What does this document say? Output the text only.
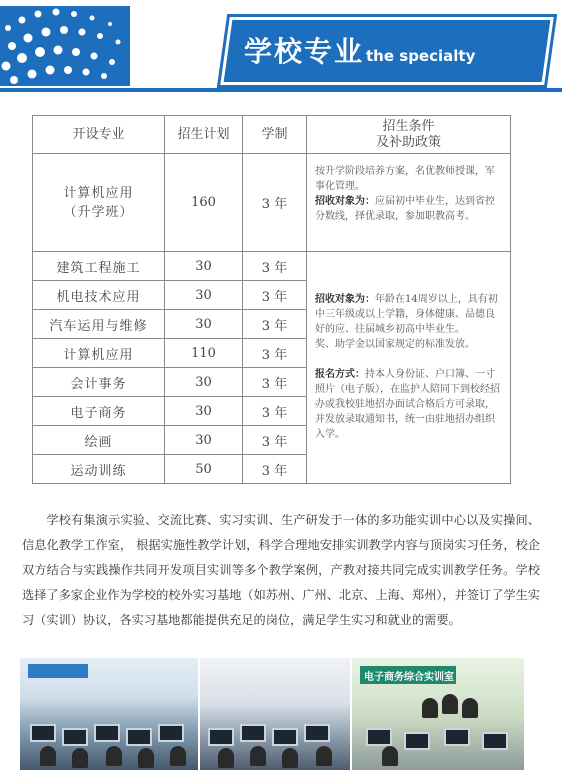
学校专业 the specialty
开设专业	招生计划	学制	招生条件
及补助政策
计算机应用
（升学班）	160	3 年	按升学阶段培养方案，名优教师授课，军事化管理。
招收对象为：应届初中毕业生，达到省控分数线，择优录取，参加职教高考。
建筑工程施工	30	3 年	招收对象为：年龄在14周岁以上，具有初中三年级或以上学籍，身体健康、品德良好的应、往届城乡初高中毕业生。
奖、助学金以国家规定的标准发放。

报名方式：持本人身份证、户口簿、一寸照片（电子版），在监护人陪同下到校经招办或我校驻地招办面试合格后方可录取，并发放录取通知书，统一由驻地招办组织入学。
机电技术应用	30	3 年	
汽车运用与维修	30	3 年	
计算机应用	110	3 年	
会计事务	30	3 年	
电子商务	30	3 年	
绘画	30	3 年	
运动训练	50	3 年	
学校有集演示实验、交流比赛、实习实训、生产研发于一体的多功能实训中心以及实操间、信息化教学工作室， 根据实施性教学计划，科学合理地安排实训教学内容与顶岗实习任务，校企双方结合与实践操作共同开发项目实训等多个教学案例，产教对接共同完成实训教学任务。学校选择了多家企业作为学校的校外实习基地（如苏州、广州、北京、上海、郑州），并签订了学生实习（实训）协议，各实习基地都能提供充足的岗位，满足学生实习和就业的需要。
电子商务综合实训室
